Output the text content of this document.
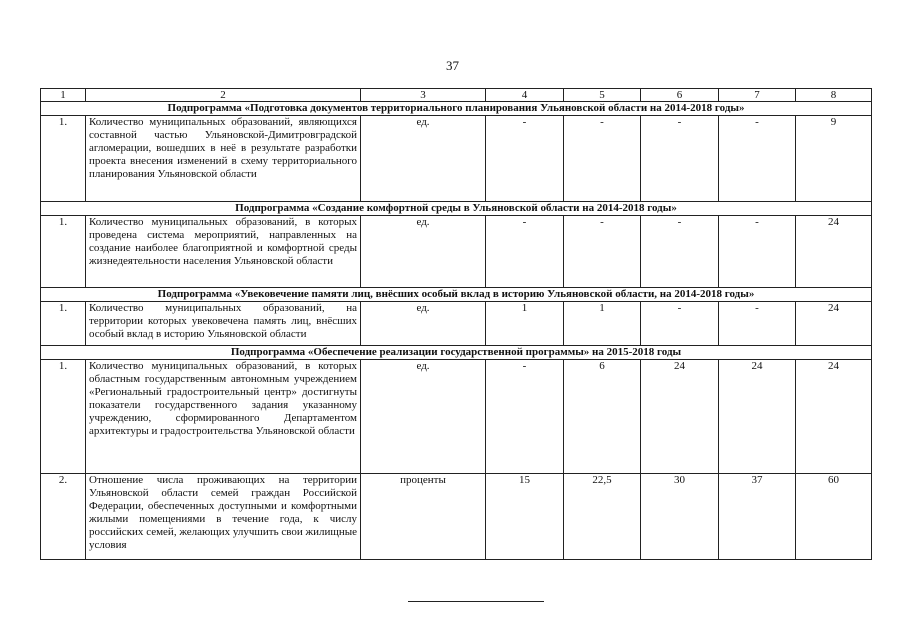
37
1	2	3	4	5	6	7	8
Подпрограмма «Подготовка документов территориального планирования Ульяновской области на 2014-2018 годы»							
1.	Количество муниципальных образований, являющихся составной частью Ульяновской-Димитровградской агломерации, вошедших в неё в результате разработки проекта внесения изменений в схему территориального планирования Ульяновской области	ед.	-	-	-	-	9
Подпрограмма «Создание комфортной среды в Ульяновской области на 2014-2018 годы»							
1.	Количество муниципальных образований, в которых проведена система мероприятий, направленных на создание наиболее благоприятной и комфортной среды жизнедеятельности населения Ульяновской области	ед.	-	-	-	-	24
Подпрограмма «Увековечение памяти лиц, внёсших особый вклад в историю Ульяновской области, на 2014-2018 годы»							
1.	Количество муниципальных образований, на территории которых увековечена память лиц, внёсших особый вклад в историю Ульяновской области	ед.	1	1	-	-	24
Подпрограмма «Обеспечение реализации государственной программы» на 2015-2018 годы							
1.	Количество муниципальных образований, в которых областным государственным автономным учреждением «Региональный градостроительный центр» достигнуты показатели государственного задания указанному учреждению, сформированного Департаментом архитектуры и градостроительства Ульяновской области	ед.	-	6	24	24	24
2.	Отношение числа проживающих на территории Ульяновской области семей граждан Российской Федерации, обеспеченных доступными и комфортными жилыми помещениями в течение года, к числу российских семей, желающих улучшить свои жилищные условия	проценты	15	22,5	30	37	60
